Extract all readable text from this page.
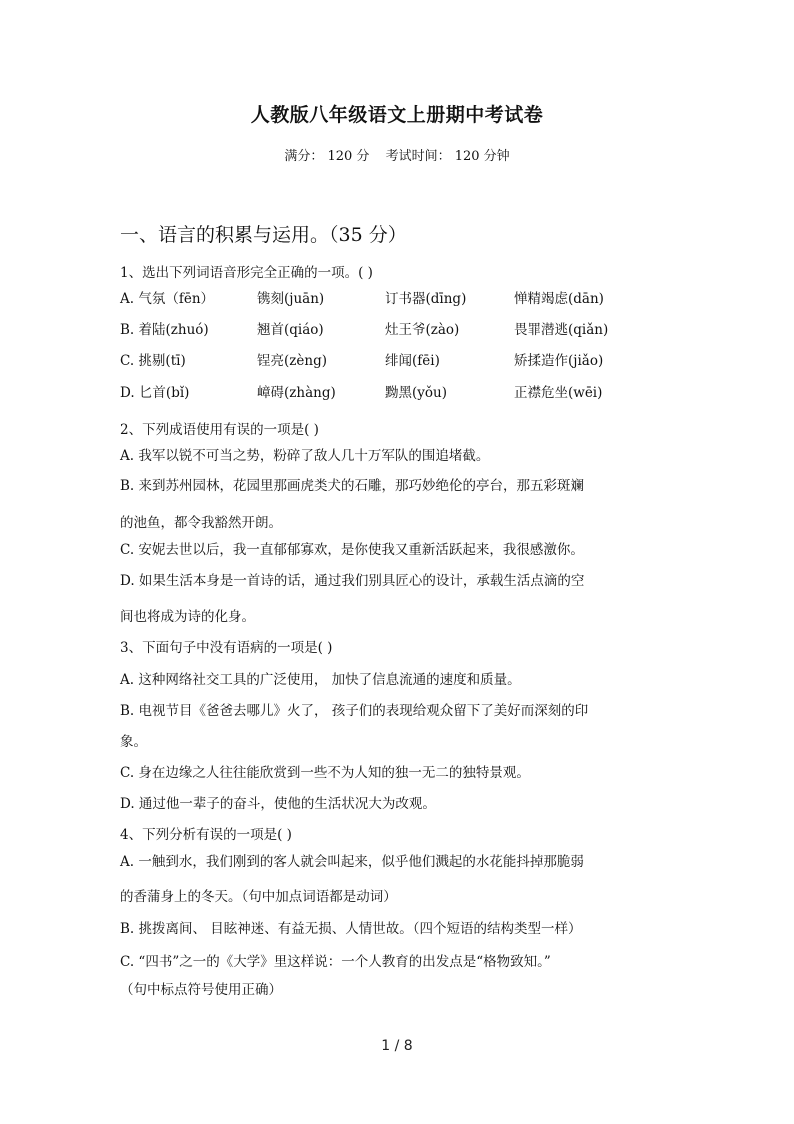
人教版八年级语文上册期中考试卷
满分： 120 分 考试时间： 120 分钟
一、语言的积累与运用。（35 分）
1、选出下列词语音形完全正确的一项。( )
A. 气氛（fēn）	镌刻(juān)	订书器(dīng)	惮精竭虑(dān)
B. 着陆(zhuó)	翘首(qiáo)	灶王爷(zào)	畏罪潜逃(qiǎn)
C. 挑剔(tī)	锃亮(zèng)	绯闻(fēi)	矫揉造作(jiǎo)
D. 匕首(bǐ)	嶂碍(zhàng)	黝黑(yǒu)	正襟危坐(wēi)
2、下列成语使用有误的一项是( )
A. 我军以锐不可当之势，粉碎了敌人几十万军队的围追堵截。
B. 来到苏州园林，花园里那画虎类犬的石雕，那巧妙绝伦的亭台，那五彩斑斓
的池鱼，都令我豁然开朗。
C. 安妮去世以后，我一直郁郁寡欢，是你使我又重新活跃起来，我很感激你。
D. 如果生活本身是一首诗的话，通过我们别具匠心的设计，承载生活点滴的空
间也将成为诗的化身。
3、下面句子中没有语病的一项是( )
A. 这种网络社交工具的广泛使用， 加快了信息流通的速度和质量。
B. 电视节目《爸爸去哪儿》火了， 孩子们的表现给观众留下了美好而深刻的印
象。
C. 身在边缘之人往往能欣赏到一些不为人知的独一无二的独特景观。
D. 通过他一辈子的奋斗，使他的生活状况大为改观。
4、下列分析有误的一项是( )
A. 一触到水，我们刚到的客人就会叫起来，似乎他们溅起的水花能抖掉那脆弱
的香蒲身上的冬天。（句中加点词语都是动词）
B. 挑拨离间、 目眩神迷、有益无损、人情世故。（四个短语的结构类型一样）
C. “四书”之一的《大学》里这样说：一个人教育的出发点是“格物致知。”
（句中标点符号使用正确）
1 / 8
